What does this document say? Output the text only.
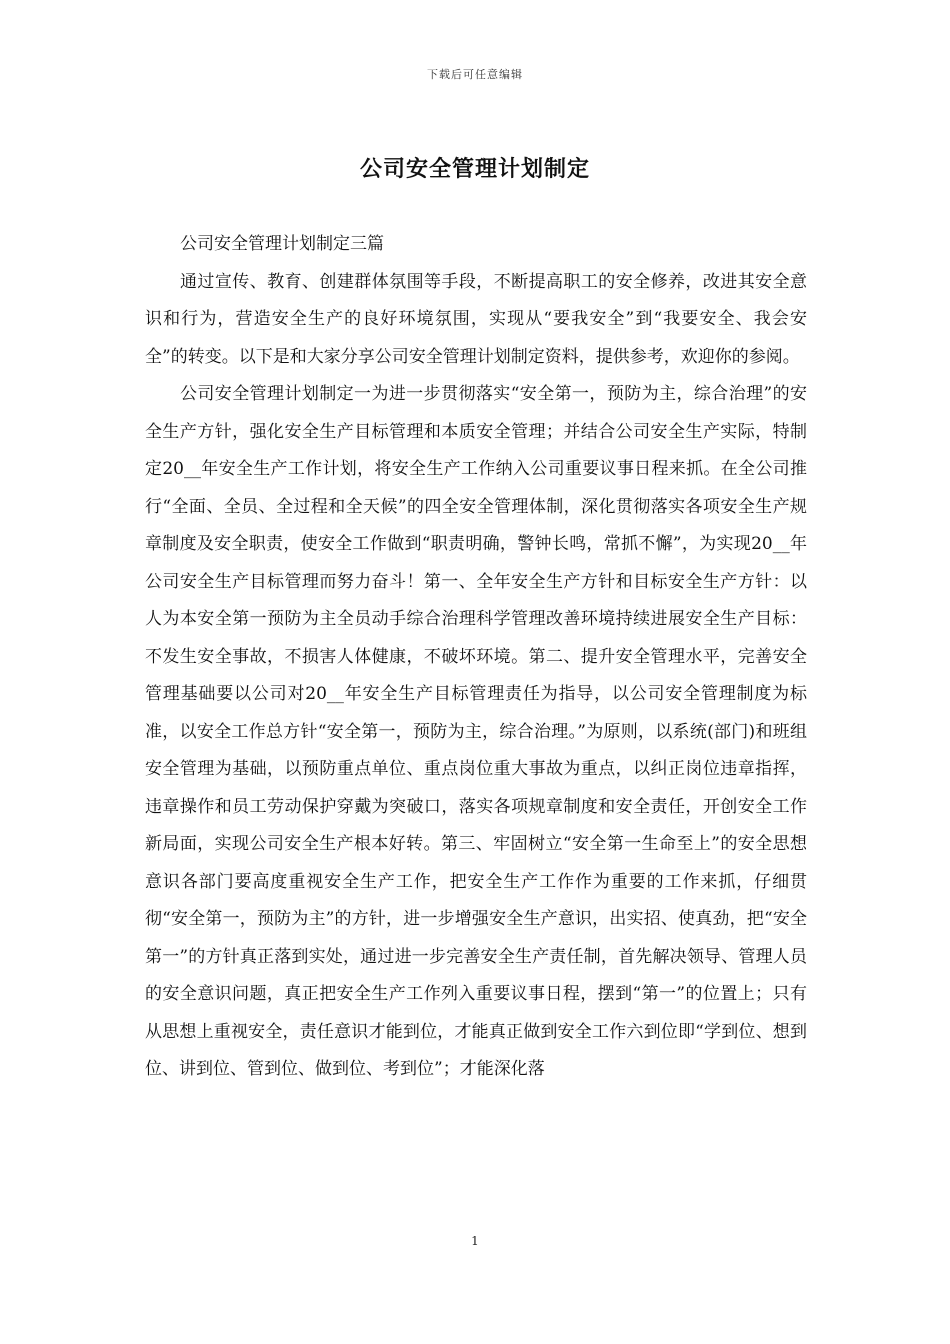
下载后可任意编辑
公司安全管理计划制定

公司安全管理计划制定三篇

通过宣传、教育、创建群体氛围等手段，不断提高职工的安全修养，改进其安全意识和行为，营造安全生产的良好环境氛围，实现从“要我安全”到“我要安全、我会安全”的转变。以下是和大家分享公司安全管理计划制定资料，提供参考，欢迎你的参阅。

公司安全管理计划制定一为进一步贯彻落实“安全第一，预防为主，综合治理”的安全生产方针，强化安全生产目标管理和本质安全管理；并结合公司安全生产实际，特制定20__年安全生产工作计划，将安全生产工作纳入公司重要议事日程来抓。在全公司推行“全面、全员、全过程和全天候”的四全安全管理体制，深化贯彻落实各项安全生产规章制度及安全职责，使安全工作做到“职责明确，警钟长鸣，常抓不懈”，为实现20__年公司安全生产目标管理而努力奋斗！第一、全年安全生产方针和目标安全生产方针：以人为本安全第一预防为主全员动手综合治理科学管理改善环境持续进展安全生产目标：不发生安全事故，不损害人体健康，不破坏环境。第二、提升安全管理水平，完善安全管理基础要以公司对20__年安全生产目标管理责任为指导，以公司安全管理制度为标准，以安全工作总方针“安全第一，预防为主，综合治理。”为原则，以系统(部门)和班组安全管理为基础，以预防重点单位、重点岗位重大事故为重点，以纠正岗位违章指挥，违章操作和员工劳动保护穿戴为突破口，落实各项规章制度和安全责任，开创安全工作新局面，实现公司安全生产根本好转。第三、牢固树立“安全第一生命至上”的安全思想意识各部门要高度重视安全生产工作，把安全生产工作作为重要的工作来抓，仔细贯彻“安全第一，预防为主”的方针，进一步增强安全生产意识，出实招、使真劲，把“安全第一”的方针真正落到实处，通过进一步完善安全生产责任制，首先解决领导、管理人员的安全意识问题，真正把安全生产工作列入重要议事日程，摆到“第一”的位置上；只有从思想上重视安全，责任意识才能到位，才能真正做到安全工作六到位即“学到位、想到位、讲到位、管到位、做到位、考到位”；才能深化落

1
